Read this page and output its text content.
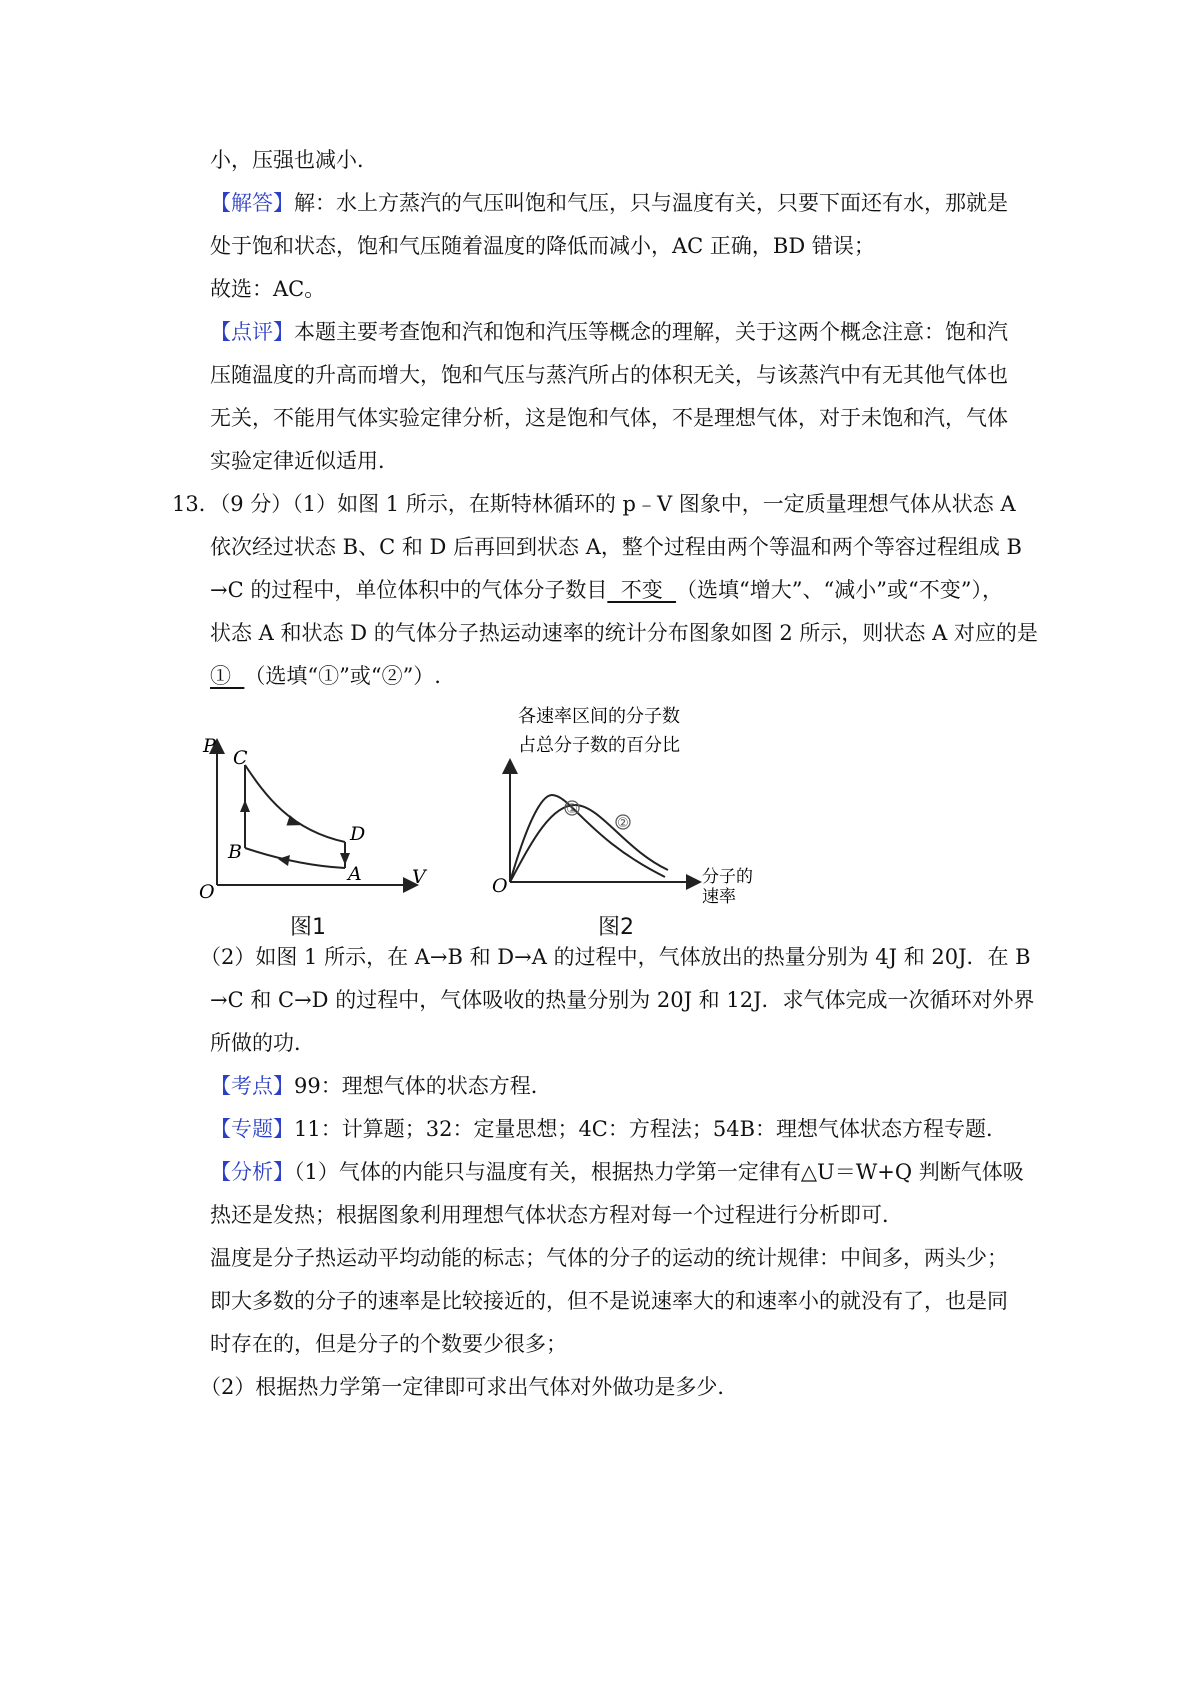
小，压强也减小．
【解答】解：水上方蒸汽的气压叫饱和气压，只与温度有关，只要下面还有水，那就是
处于饱和状态，饱和气压随着温度的降低而减小，AC 正确，BD 错误；
故选：AC。
【点评】本题主要考查饱和汽和饱和汽压等概念的理解，关于这两个概念注意：饱和汽
压随温度的升高而增大，饱和气压与蒸汽所占的体积无关，与该蒸汽中有无其他气体也
无关，不能用气体实验定律分析，这是饱和气体，不是理想气体，对于未饱和汽，气体
实验定律近似适用．
13．（9 分）（1）如图 1 所示，在斯特林循环的 p﹣V 图象中，一定质量理想气体从状态 A
依次经过状态 B、C 和 D 后再回到状态 A，整个过程由两个等温和两个等容过程组成 B
→C 的过程中，单位体积中的气体分子数目  不变  （选填“增大”、“减小”或“不变”），
状态 A 和状态 D 的气体分子热运动速率的统计分布图象如图 2 所示，则状态 A 对应的是
①  （选填“①”或“②”）.
P
V
O
C
B
D
A
图1
各速率区间的分子数
占总分子数的百分比
①
②
O	分子的
速率
图2
（2）如图 1 所示，在 A→B 和 D→A 的过程中，气体放出的热量分别为 4J 和 20J．在 B
→C 和 C→D 的过程中，气体吸收的热量分别为 20J 和 12J．求气体完成一次循环对外界
所做的功．
【考点】99：理想气体的状态方程．
【专题】11：计算题；32：定量思想；4C：方程法；54B：理想气体状态方程专题．
【分析】（1）气体的内能只与温度有关，根据热力学第一定律有△U＝W+Q 判断气体吸
热还是发热；根据图象利用理想气体状态方程对每一个过程进行分析即可．
温度是分子热运动平均动能的标志；气体的分子的运动的统计规律：中间多，两头少；
即大多数的分子的速率是比较接近的，但不是说速率大的和速率小的就没有了，也是同
时存在的，但是分子的个数要少很多；
（2）根据热力学第一定律即可求出气体对外做功是多少．
